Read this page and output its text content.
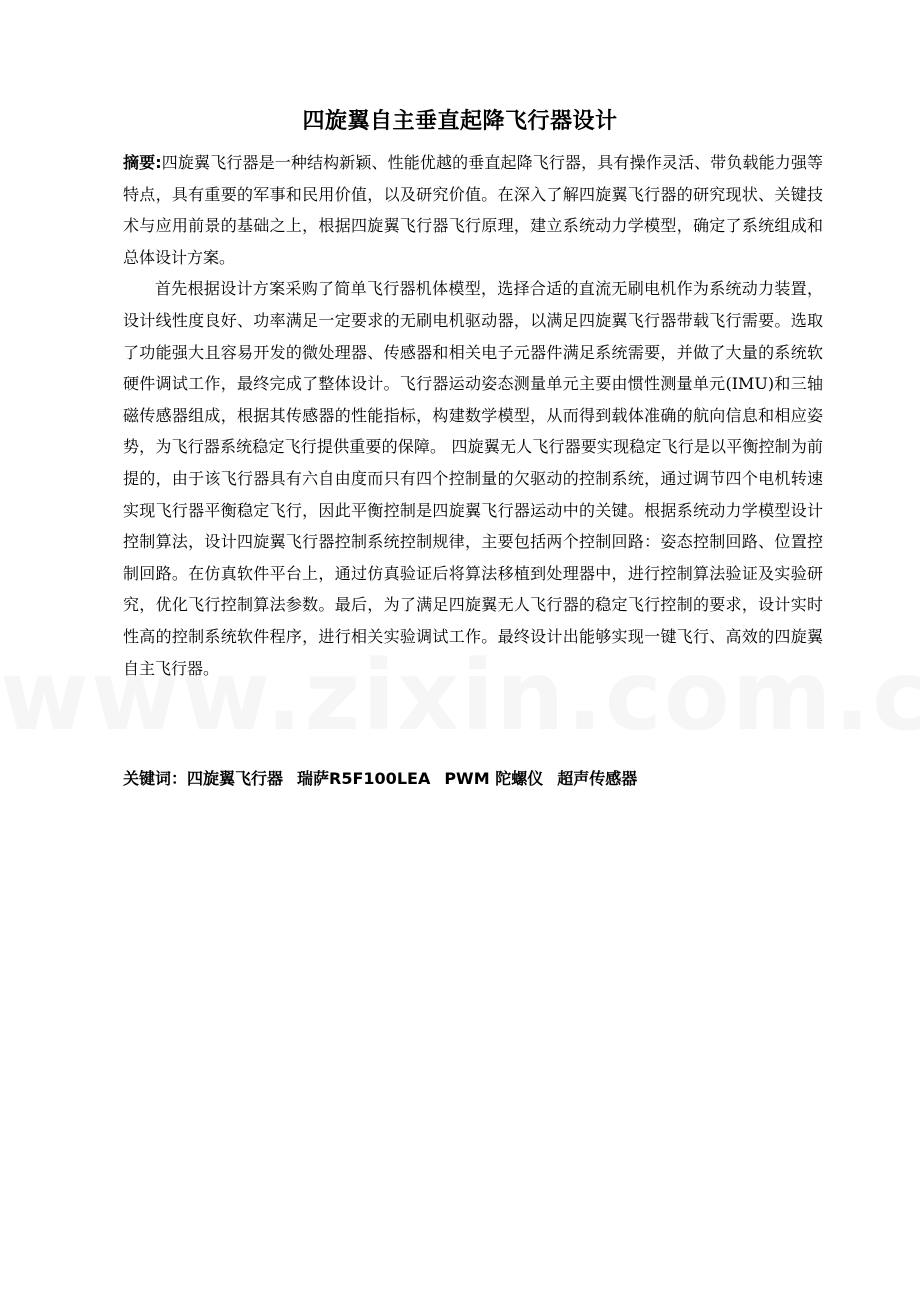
四旋翼自主垂直起降飞行器设计

摘要:四旋翼飞行器是一种结构新颖、性能优越的垂直起降飞行器，具有操作灵活、带负载能力强等特点，具有重要的军事和民用价值，以及研究价值。在深入了解四旋翼飞行器的研究现状、关键技术与应用前景的基础之上，根据四旋翼飞行器飞行原理，建立系统动力学模型，确定了系统组成和总体设计方案。

首先根据设计方案采购了简单飞行器机体模型，选择合适的直流无刷电机作为系统动力装置，设计线性度良好、功率满足一定要求的无刷电机驱动器，以满足四旋翼飞行器带载飞行需要。选取了功能强大且容易开发的微处理器、传感器和相关电子元器件满足系统需要，并做了大量的系统软硬件调试工作，最终完成了整体设计。飞行器运动姿态测量单元主要由惯性测量单元(IMU)和三轴磁传感器组成，根据其传感器的性能指标，构建数学模型，从而得到载体准确的航向信息和相应姿势，为飞行器系统稳定飞行提供重要的保障。 四旋翼无人飞行器要实现稳定飞行是以平衡控制为前提的，由于该飞行器具有六自由度而只有四个控制量的欠驱动的控制系统，通过调节四个电机转速实现飞行器平衡稳定飞行，因此平衡控制是四旋翼飞行器运动中的关键。根据系统动力学模型设计控制算法，设计四旋翼飞行器控制系统控制规律，主要包括两个控制回路：姿态控制回路、位置控制回路。在仿真软件平台上，通过仿真验证后将算法移植到处理器中，进行控制算法验证及实验研究，优化飞行控制算法参数。最后，为了满足四旋翼无人飞行器的稳定飞行控制的要求，设计实时性高的控制系统软件程序，进行相关实验调试工作。最终设计出能够实现一键飞行、高效的四旋翼自主飞行器。

关键词：四旋翼飞行器 瑞萨R5F100LEA PWM 陀螺仪 超声传感器
